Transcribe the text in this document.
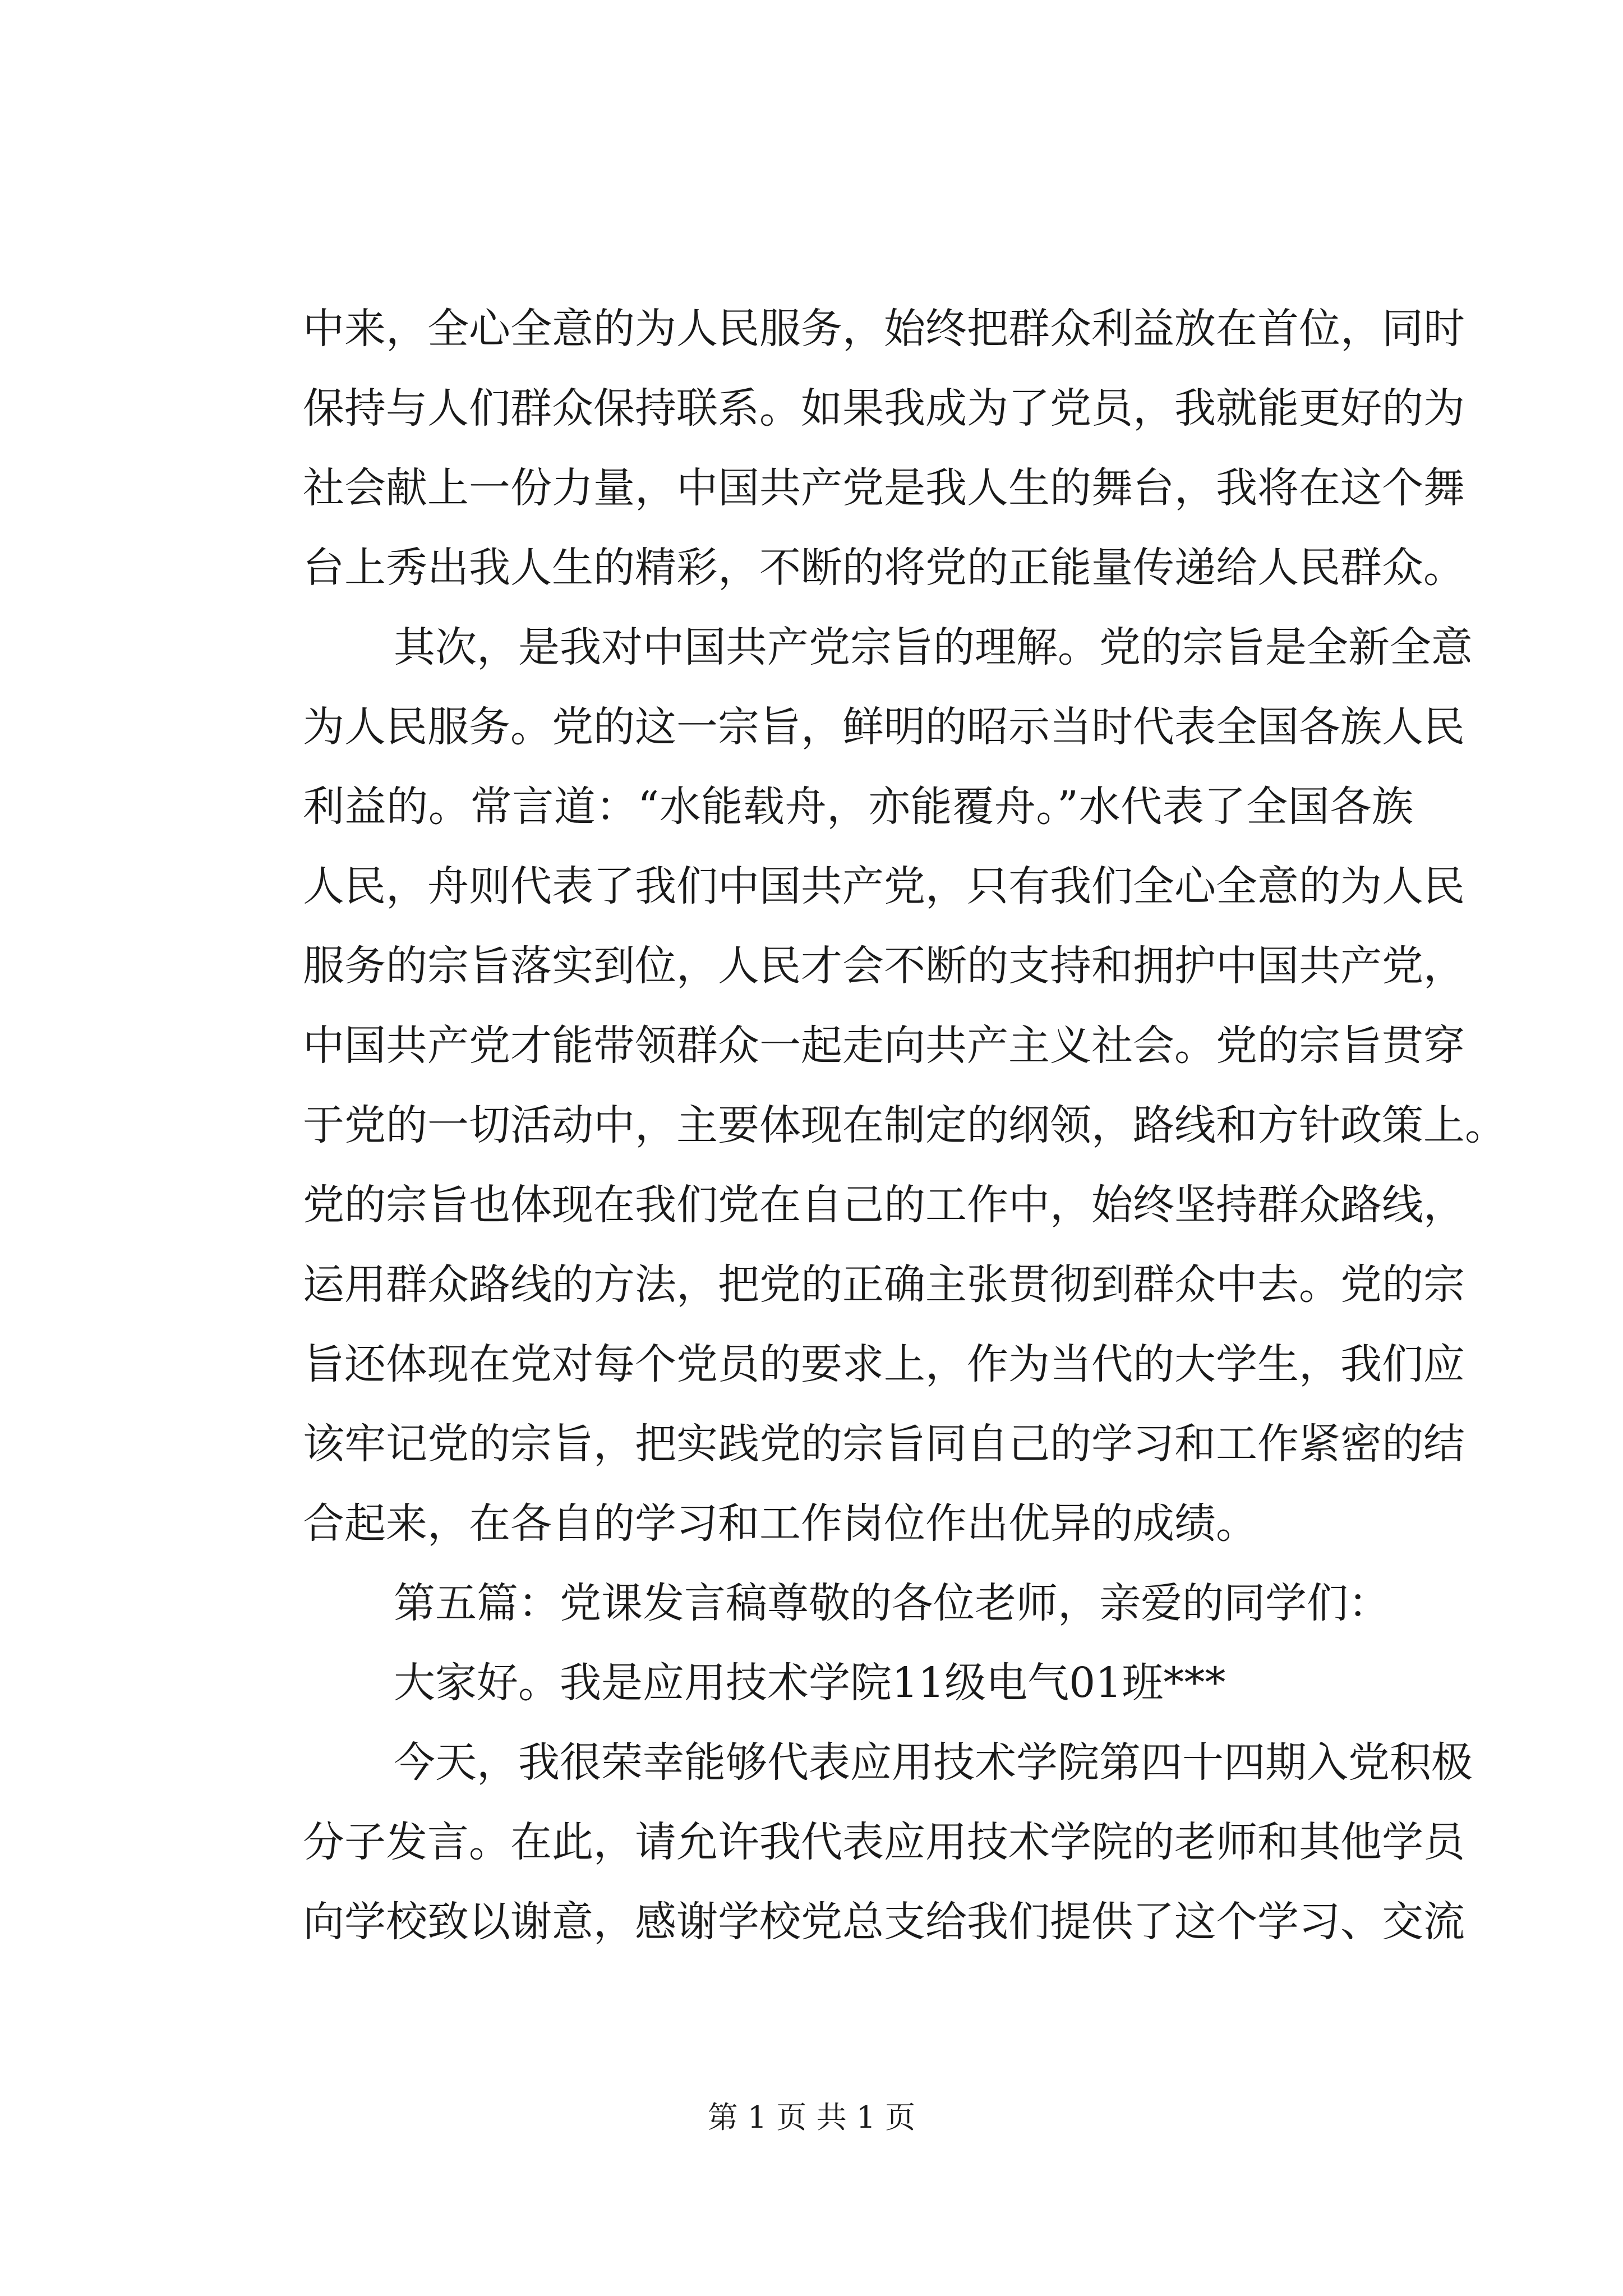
中来，全心全意的为人民服务，始终把群众利益放在首位，同时
保持与人们群众保持联系。如果我成为了党员，我就能更好的为
社会献上一份力量，中国共产党是我人生的舞台，我将在这个舞
台上秀出我人生的精彩，不断的将党的正能量传递给人民群众。
其次，是我对中国共产党宗旨的理解。党的宗旨是全新全意
为人民服务。党的这一宗旨，鲜明的昭示当时代表全国各族人民
利益的。常言道：“水能载舟，亦能覆舟。”水代表了全国各族
人民，舟则代表了我们中国共产党，只有我们全心全意的为人民
服务的宗旨落实到位，人民才会不断的支持和拥护中国共产党，
中国共产党才能带领群众一起走向共产主义社会。党的宗旨贯穿
于党的一切活动中，主要体现在制定的纲领，路线和方针政策上。
党的宗旨也体现在我们党在自己的工作中，始终坚持群众路线，
运用群众路线的方法，把党的正确主张贯彻到群众中去。党的宗
旨还体现在党对每个党员的要求上，作为当代的大学生，我们应
该牢记党的宗旨，把实践党的宗旨同自己的学习和工作紧密的结
合起来，在各自的学习和工作岗位作出优异的成绩。
第五篇：党课发言稿尊敬的各位老师，亲爱的同学们：
大家好。我是应用技术学院11级电气01班***
今天，我很荣幸能够代表应用技术学院第四十四期入党积极
分子发言。在此，请允许我代表应用技术学院的老师和其他学员
向学校致以谢意，感谢学校党总支给我们提供了这个学习、交流
第 1 页 共 1 页
